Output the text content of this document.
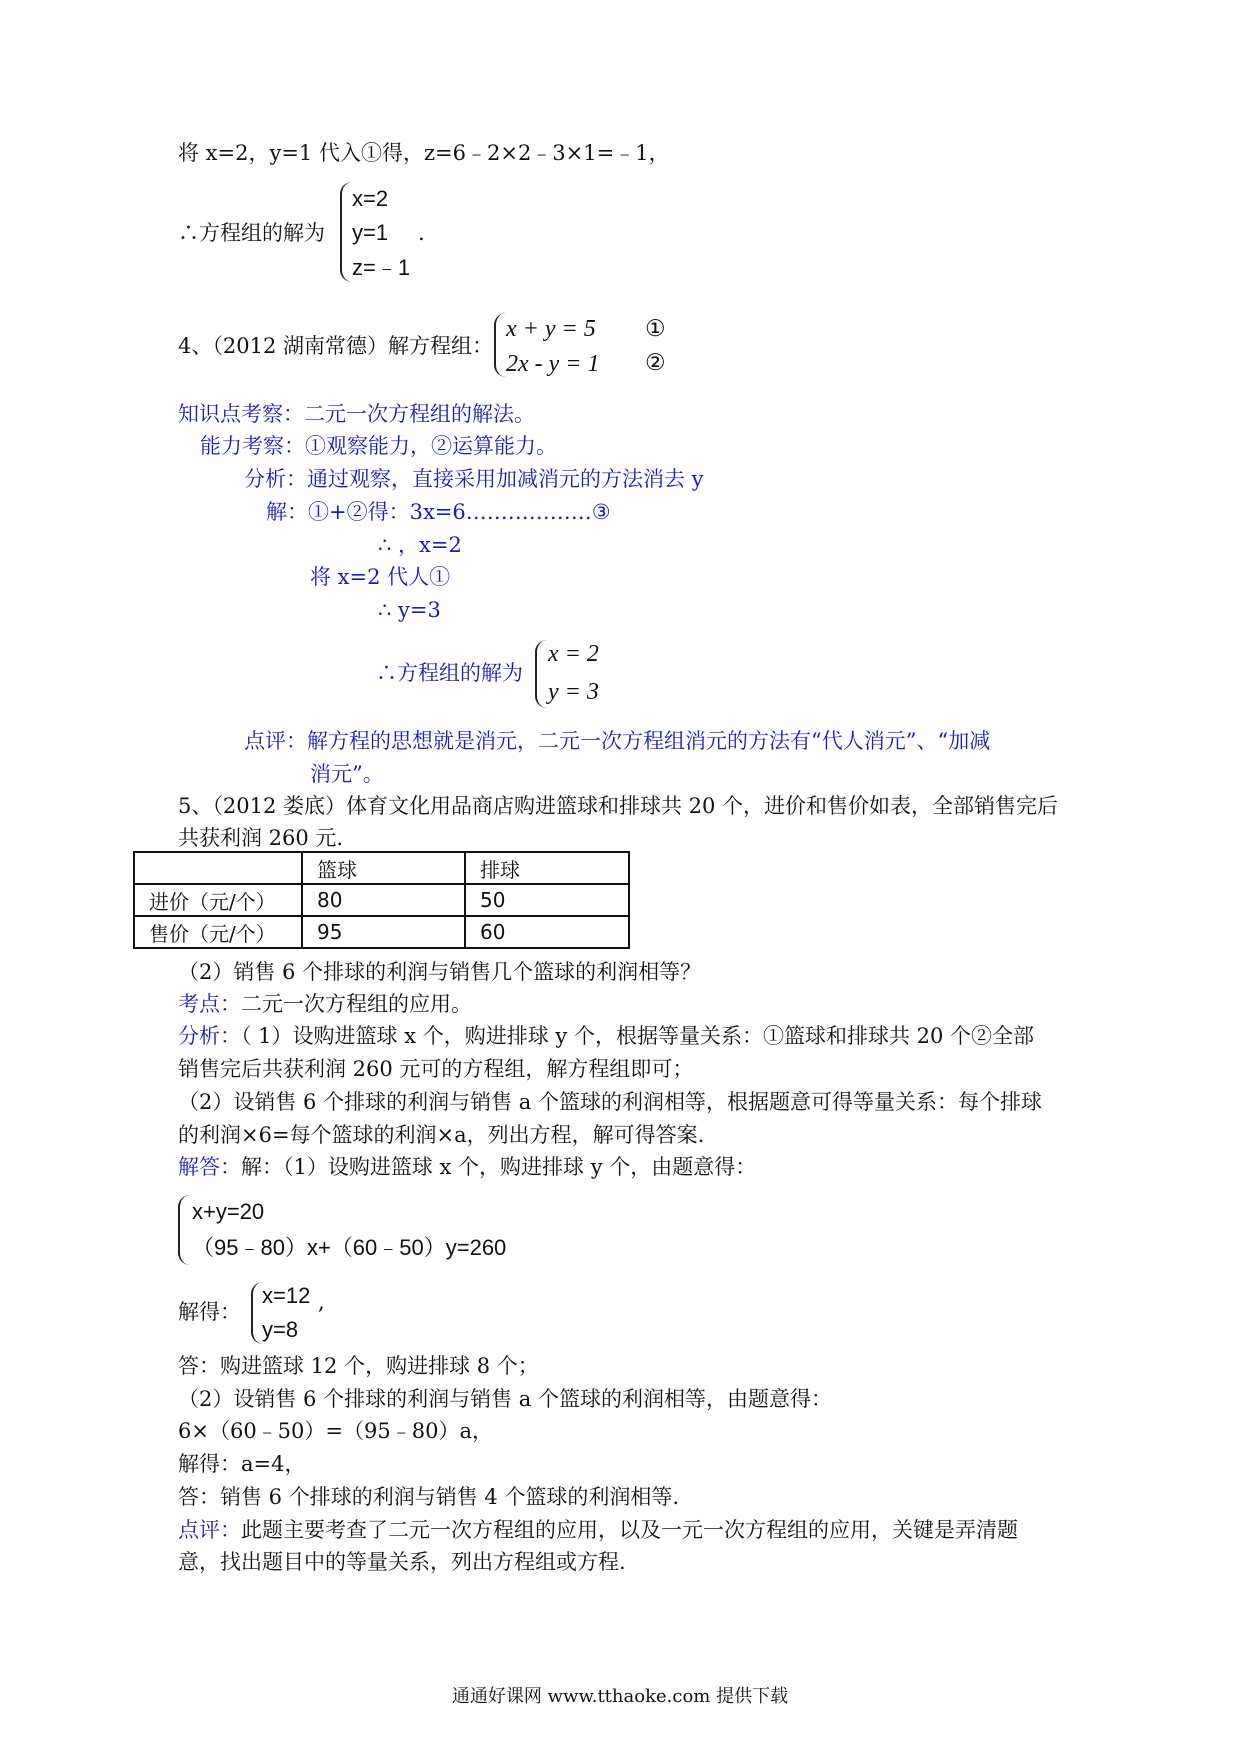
将 x=2，y=1 代入①得，z=6﹣2×2﹣3×1=﹣1，
∴方程组的解为
x=2
y=1
z=﹣1
.
4、（2012 湖南常德）解方程组：
x + y = 5 ①
2x - y = 1 ②
知识点考察：二元一次方程组的解法。
能力考察：①观察能力，②运算能力。
分析：通过观察，直接采用加减消元的方法消去 y
解：①+②得：3x=6………………③
∴ ，x=2
将 x=2 代人①
∴ y=3
∴方程组的解为
x = 2
y = 3
点评：解方程的思想就是消元，二元一次方程组消元的方法有“代人消元”、“加减
消元”。
5、（2012 娄底）体育文化用品商店购进篮球和排球共 20 个，进价和售价如表，全部销售完后
共获利润 260 元.
	篮球	排球
进价（元/个）	80	50
售价（元/个）	95	60
（2）销售 6 个排球的利润与销售几个篮球的利润相等？
考点：二元一次方程组的应用。
分析：（ 1）设购进篮球 x 个，购进排球 y 个，根据等量关系：①篮球和排球共 20 个②全部
销售完后共获利润 260 元可的方程组，解方程组即可；
（2）设销售 6 个排球的利润与销售 a 个篮球的利润相等，根据题意可得等量关系：每个排球
的利润×6=每个篮球的利润×a，列出方程，解可得答案.
解答：解：（1）设购进篮球 x 个，购进排球 y 个，由题意得：
x+y=20
（95﹣80）x+（60﹣50）y=260
解得：
x=12
y=8
,
答：购进篮球 12 个，购进排球 8 个；
（2）设销售 6 个排球的利润与销售 a 个篮球的利润相等，由题意得：
6×（60﹣50）=（95﹣80）a，
解得：a=4，
答：销售 6 个排球的利润与销售 4 个篮球的利润相等.
点评：此题主要考查了二元一次方程组的应用，以及一元一次方程组的应用，关键是弄清题
意，找出题目中的等量关系，列出方程组或方程.
通通好课网 www.tthaoke.com 提供下载
